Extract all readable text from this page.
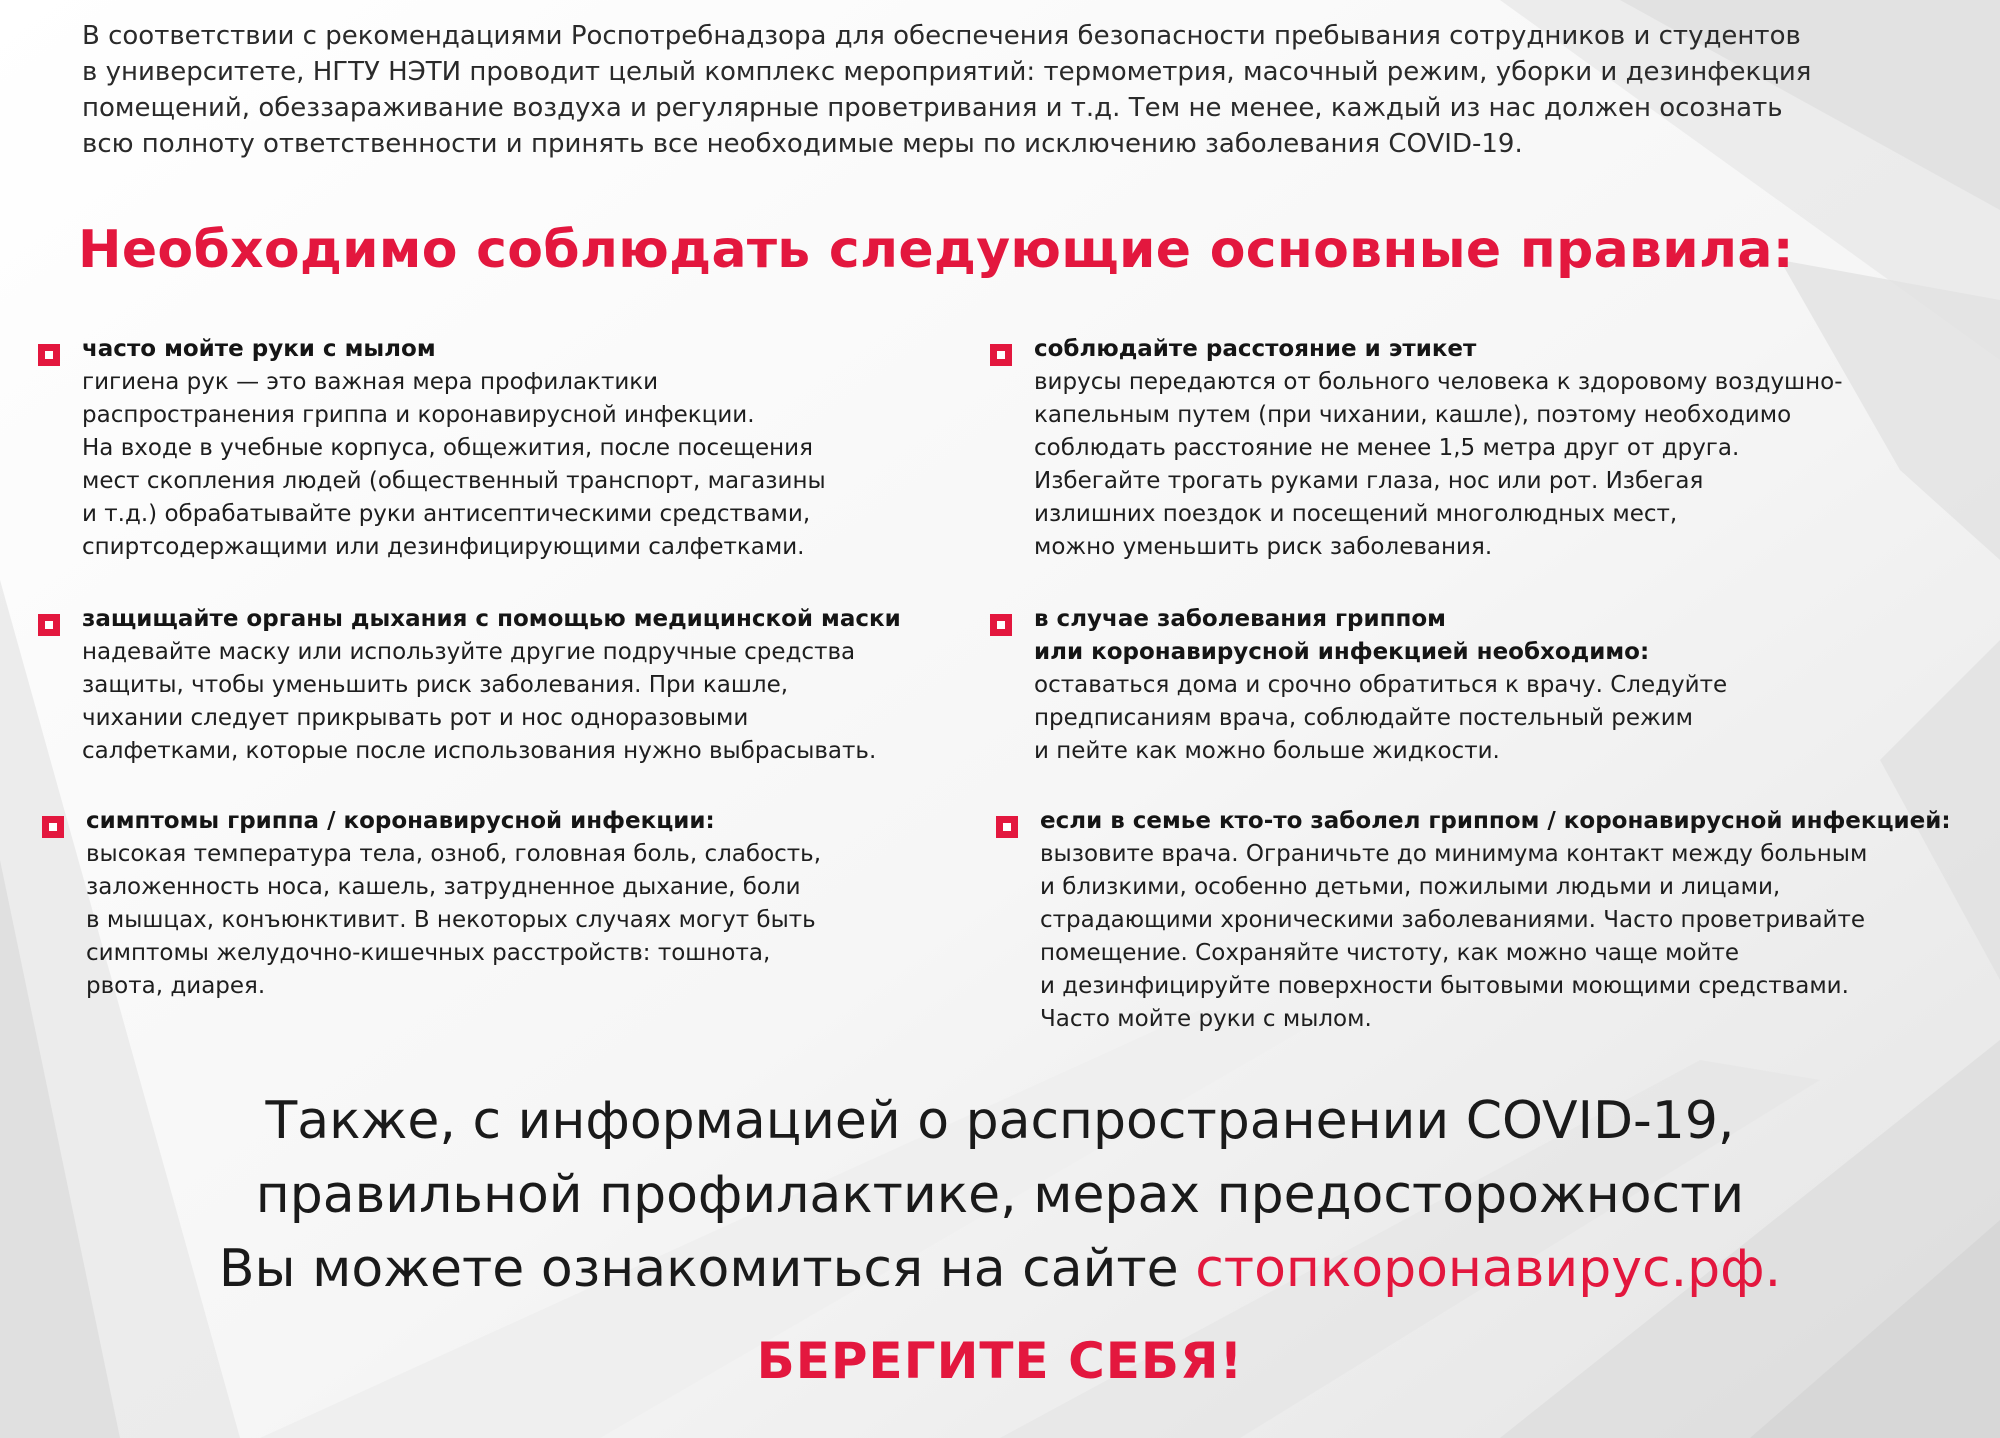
В соответствии с рекомендациями Роспотребнадзора для обеспечения безопасности пребывания сотрудников и студентов
в университете, НГТУ НЭТИ проводит целый комплекс мероприятий: термометрия, масочный режим, уборки и дезинфекция
помещений, обеззараживание воздуха и регулярные проветривания и т.д. Тем не менее, каждый из нас должен осознать
всю полноту ответственности и принять все необходимые меры по исключению заболевания COVID-19.

Необходимо соблюдать следующие основные правила:

часто мойте руки с мылом

гигиена рук — это важная мера профилактики
распространения гриппа и коронавирусной инфекции.
На входе в учебные корпуса, общежития, после посещения
мест скопления людей (общественный транспорт, магазины
и т.д.) обрабатывайте руки антисептическими средствами,
спиртсодержащими или дезинфицирующими салфетками.

соблюдайте расстояние и этикет

вирусы передаются от больного человека к здоровому воздушно-
капельным путем (при чихании, кашле), поэтому необходимо
соблюдать расстояние не менее 1,5 метра друг от друга.
Избегайте трогать руками глаза, нос или рот. Избегая
излишних поездок и посещений многолюдных мест,
можно уменьшить риск заболевания.

защищайте органы дыхания с помощью медицинской маски

надевайте маску или используйте другие подручные средства
защиты, чтобы уменьшить риск заболевания. При кашле,
чихании следует прикрывать рот и нос одноразовыми
салфетками, которые после использования нужно выбрасывать.

в случае заболевания гриппом
или коронавирусной инфекцией необходимо:

оставаться дома и срочно обратиться к врачу. Следуйте
предписаниям врача, соблюдайте постельный режим
и пейте как можно больше жидкости.

симптомы гриппа / коронавирусной инфекции:

высокая температура тела, озноб, головная боль, слабость,
заложенность носа, кашель, затрудненное дыхание, боли
в мышцах, конъюнктивит. В некоторых случаях могут быть
симптомы желудочно-кишечных расстройств: тошнота,
рвота, диарея.

если в семье кто-то заболел гриппом / коронавирусной инфекцией:

вызовите врача. Ограничьте до минимума контакт между больным
и близкими, особенно детьми, пожилыми людьми и лицами,
страдающими хроническими заболеваниями. Часто проветривайте
помещение. Сохраняйте чистоту, как можно чаще мойте
и дезинфицируйте поверхности бытовыми моющими средствами.
Часто мойте руки с мылом.

Также, с информацией о распространении COVID-19,
правильной профилактике, мерах предосторожности
Вы можете ознакомиться на сайте стопкоронавирус.рф.

БЕРЕГИТЕ СЕБЯ!
